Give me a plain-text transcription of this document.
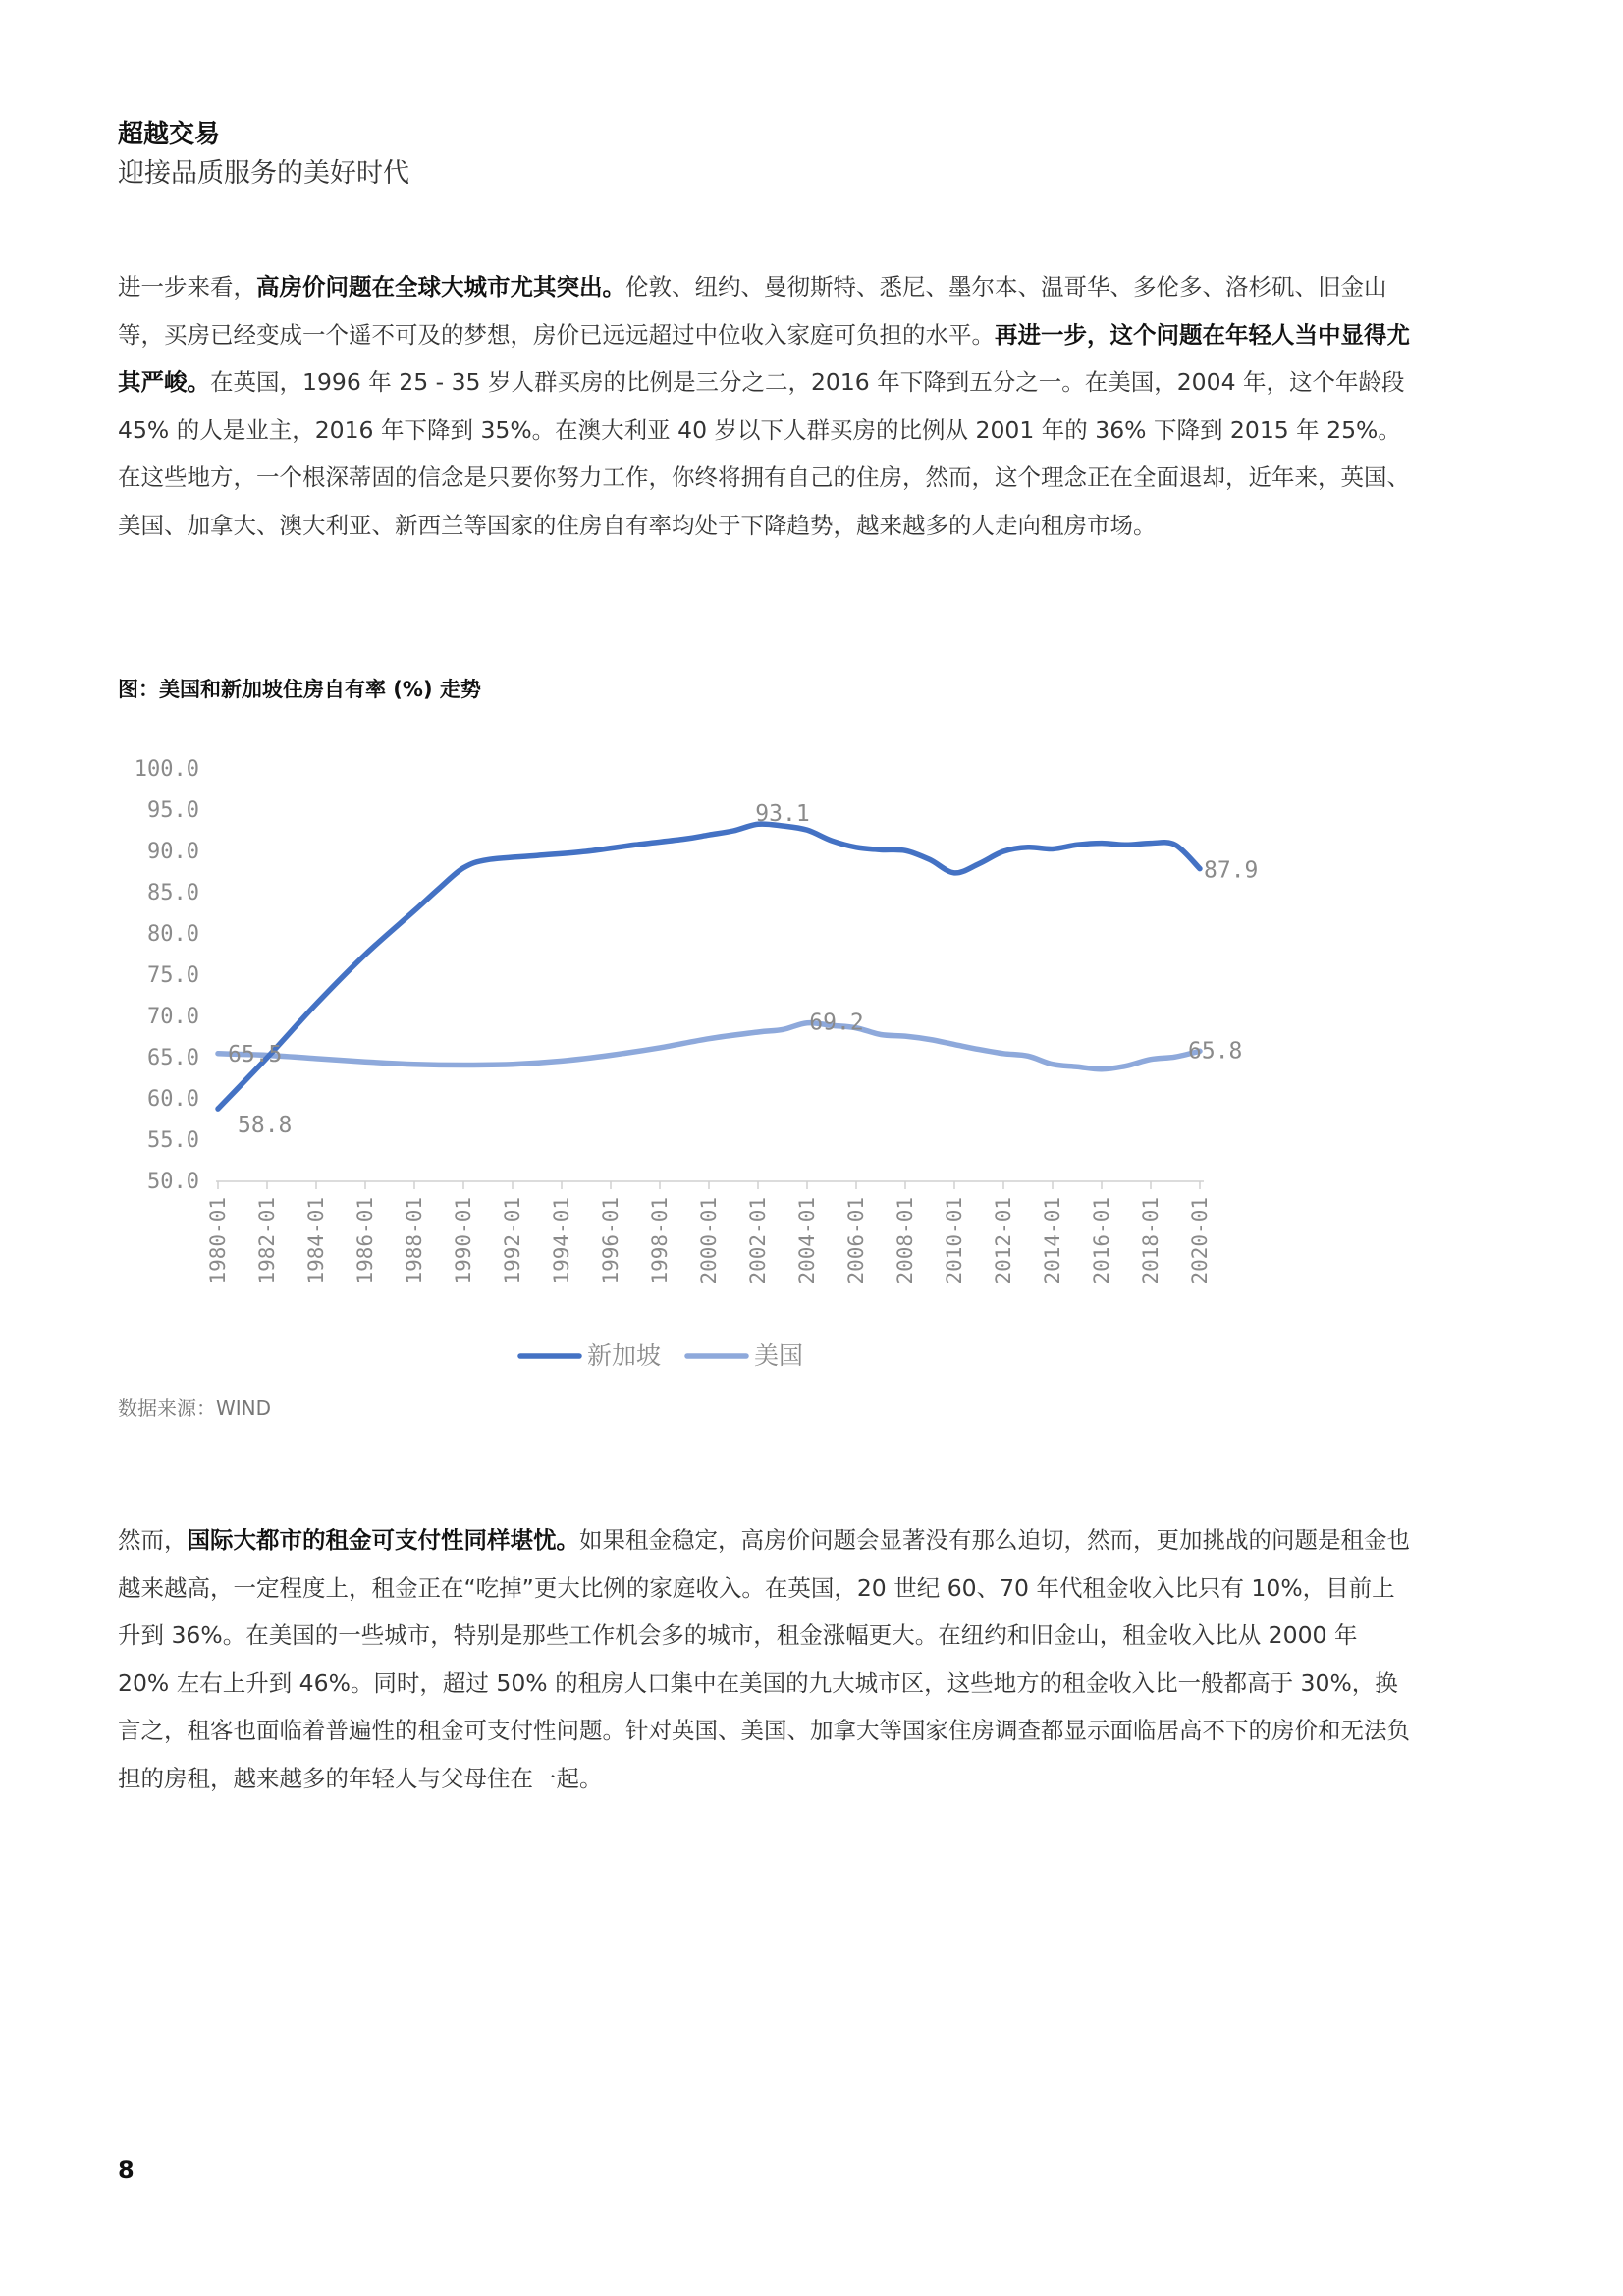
超越交易
迎接品质服务的美好时代
进一步来看，高房价问题在全球大城市尤其突出。伦敦、纽约、曼彻斯特、悉尼、墨尔本、温哥华、多伦多、洛杉矶、旧金山等，买房已经变成一个遥不可及的梦想，房价已远远超过中位收入家庭可负担的水平。再进一步，这个问题在年轻人当中显得尤其严峻。在英国，1996 年 25 - 35 岁人群买房的比例是三分之二，2016 年下降到五分之一。在美国，2004 年，这个年龄段 45% 的人是业主，2016 年下降到 35%。在澳大利亚 40 岁以下人群买房的比例从 2001 年的 36% 下降到 2015 年 25%。在这些地方，一个根深蒂固的信念是只要你努力工作，你终将拥有自己的住房，然而，这个理念正在全面退却，近年来，英国、美国、加拿大、澳大利亚、新西兰等国家的住房自有率均处于下降趋势，越来越多的人走向租房市场。
图：美国和新加坡住房自有率 (%) 走势
100.0
95.0
90.0
85.0
80.0
75.0
70.0
65.0
60.0
55.0
50.0
1980-01 1982-01 1984-01 1986-01 1988-01 1990-01 1992-01 1994-01 1996-01 1998-01 2000-01 2002-01 2004-01 2006-01 2008-01 2010-01 2012-01 2014-01 2016-01 2018-01 2020-01
58.8
93.1
87.9
65.5
69.2
65.8
新加坡	美国
数据来源：WIND
然而，国际大都市的租金可支付性同样堪忧。如果租金稳定，高房价问题会显著没有那么迫切，然而，更加挑战的问题是租金也越来越高，一定程度上，租金正在“吃掉”更大比例的家庭收入。在英国，20 世纪 60、70 年代租金收入比只有 10%，目前上升到 36%。在美国的一些城市，特别是那些工作机会多的城市，租金涨幅更大。在纽约和旧金山，租金收入比从 2000 年 20% 左右上升到 46%。同时，超过 50% 的租房人口集中在美国的九大城市区，这些地方的租金收入比一般都高于 30%，换言之，租客也面临着普遍性的租金可支付性问题。针对英国、美国、加拿大等国家住房调查都显示面临居高不下的房价和无法负担的房租，越来越多的年轻人与父母住在一起。
8
